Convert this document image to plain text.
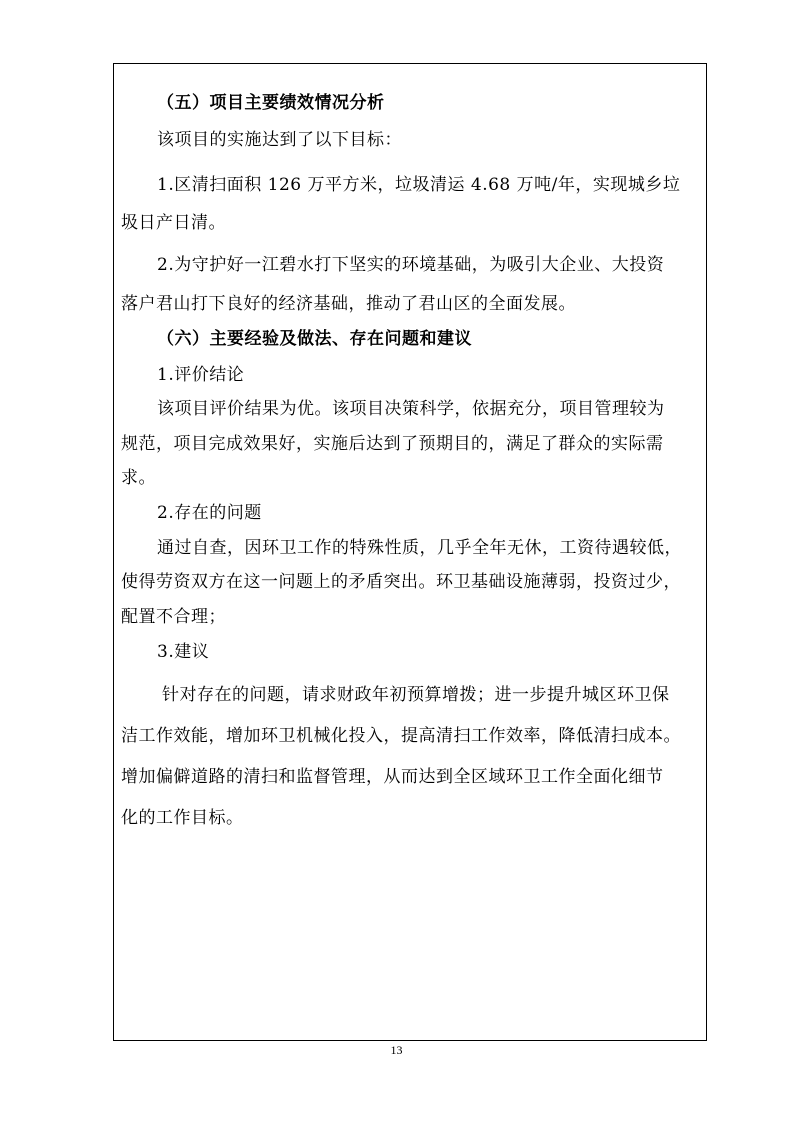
（五）项目主要绩效情况分析
该项目的实施达到了以下目标：
1.区清扫面积 126 万平方米，垃圾清运 4.68 万吨/年，实现城乡垃
圾日产日清。
2.为守护好一江碧水打下坚实的环境基础，为吸引大企业、大投资
落户君山打下良好的经济基础，推动了君山区的全面发展。
（六）主要经验及做法、存在问题和建议
1.评价结论
该项目评价结果为优。该项目决策科学，依据充分，项目管理较为
规范，项目完成效果好，实施后达到了预期目的，满足了群众的实际需
求。
2.存在的问题
通过自查，因环卫工作的特殊性质，几乎全年无休，工资待遇较低，
使得劳资双方在这一问题上的矛盾突出。环卫基础设施薄弱，投资过少，
配置不合理；
3.建议
针对存在的问题，请求财政年初预算增拨；进一步提升城区环卫保
洁工作效能，增加环卫机械化投入，提高清扫工作效率，降低清扫成本。
增加偏僻道路的清扫和监督管理，从而达到全区域环卫工作全面化细节
化的工作目标。
13
